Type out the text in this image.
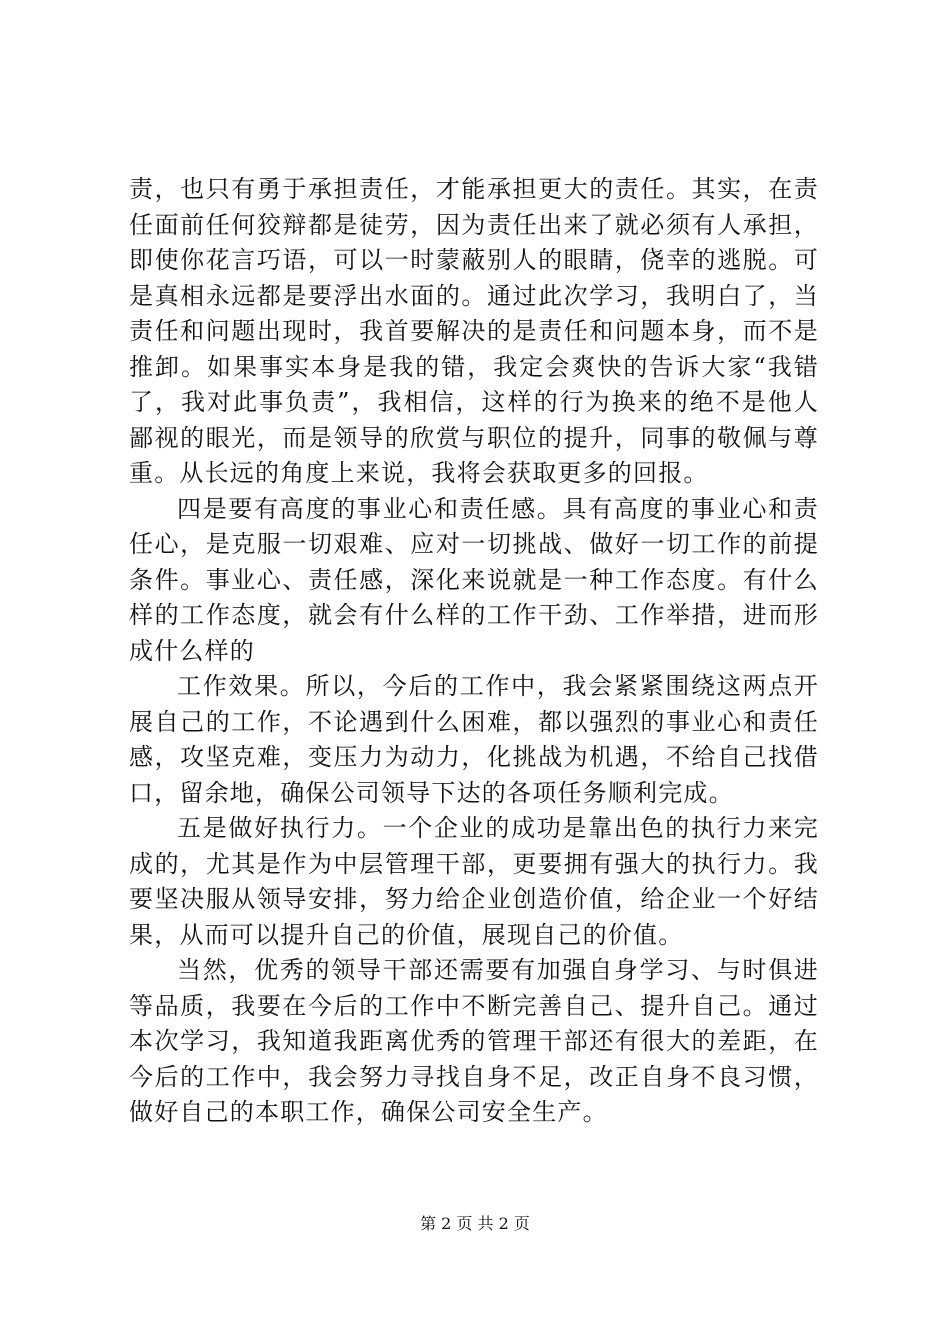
责，也只有勇于承担责任，才能承担更大的责任。其实，在责
任面前任何狡辩都是徒劳，因为责任出来了就必须有人承担，
即使你花言巧语，可以一时蒙蔽别人的眼睛，侥幸的逃脱。可
是真相永远都是要浮出水面的。通过此次学习，我明白了，当
责任和问题出现时，我首要解决的是责任和问题本身，而不是
推卸。如果事实本身是我的错，我定会爽快的告诉大家“我错
了，我对此事负责”，我相信，这样的行为换来的绝不是他人
鄙视的眼光，而是领导的欣赏与职位的提升，同事的敬佩与尊
重。从长远的角度上来说，我将会获取更多的回报。
四是要有高度的事业心和责任感。具有高度的事业心和责
任心，是克服一切艰难、应对一切挑战、做好一切工作的前提
条件。事业心、责任感，深化来说就是一种工作态度。有什么
样的工作态度，就会有什么样的工作干劲、工作举措，进而形
成什么样的
工作效果。所以，今后的工作中，我会紧紧围绕这两点开
展自己的工作，不论遇到什么困难，都以强烈的事业心和责任
感，攻坚克难，变压力为动力，化挑战为机遇，不给自己找借
口，留余地，确保公司领导下达的各项任务顺利完成。
五是做好执行力。一个企业的成功是靠出色的执行力来完
成的，尤其是作为中层管理干部，更要拥有强大的执行力。我
要坚决服从领导安排，努力给企业创造价值，给企业一个好结
果，从而可以提升自己的价值，展现自己的价值。
当然，优秀的领导干部还需要有加强自身学习、与时俱进
等品质，我要在今后的工作中不断完善自己、提升自己。通过
本次学习，我知道我距离优秀的管理干部还有很大的差距，在
今后的工作中，我会努力寻找自身不足，改正自身不良习惯，
做好自己的本职工作，确保公司安全生产。
第 2 页 共 2 页
